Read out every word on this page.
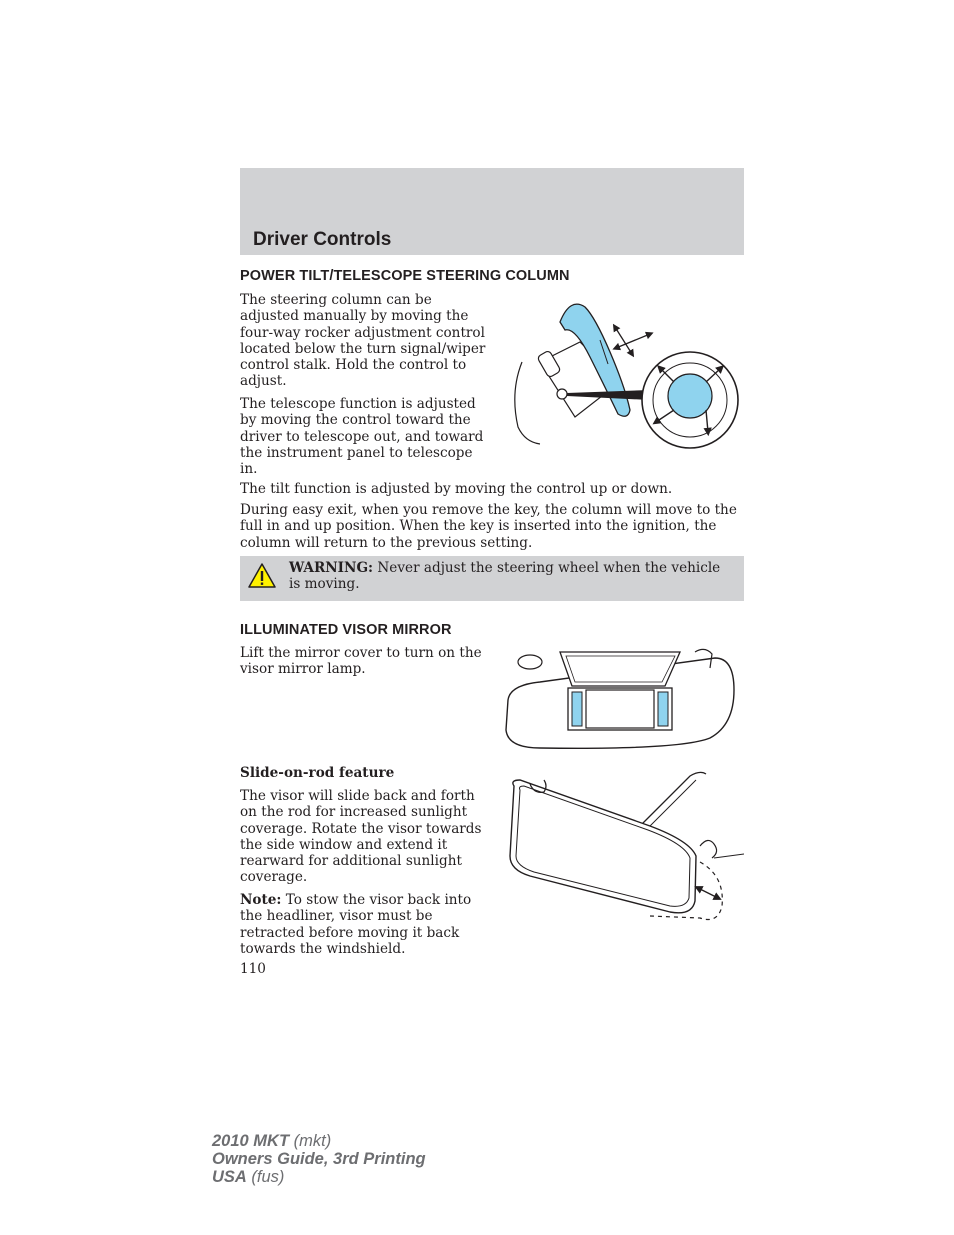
Driver Controls
POWER TILT/TELESCOPE STEERING COLUMN

The steering column can be adjusted manually by moving the four-way rocker adjustment control located below the turn signal/wiper control stalk. Hold the control to adjust.

The telescope function is adjusted by moving the control toward the driver to telescope out, and toward the instrument panel to telescope in.

The tilt function is adjusted by moving the control up or down.

During easy exit, when you remove the key, the column will move to the full in and up position. When the key is inserted into the ignition, the column will return to the previous setting.

WARNING: Never adjust the steering wheel when the vehicle is moving.
ILLUMINATED VISOR MIRROR

Lift the mirror cover to turn on the visor mirror lamp.

Slide-on-rod feature

The visor will slide back and forth on the rod for increased sunlight coverage. Rotate the visor towards the side window and extend it rearward for additional sunlight coverage.

Note: To stow the visor back into the headliner, visor must be retracted before moving it back towards the windshield.

110
2010 MKT (mkt)
Owners Guide, 3rd Printing
USA (fus)
